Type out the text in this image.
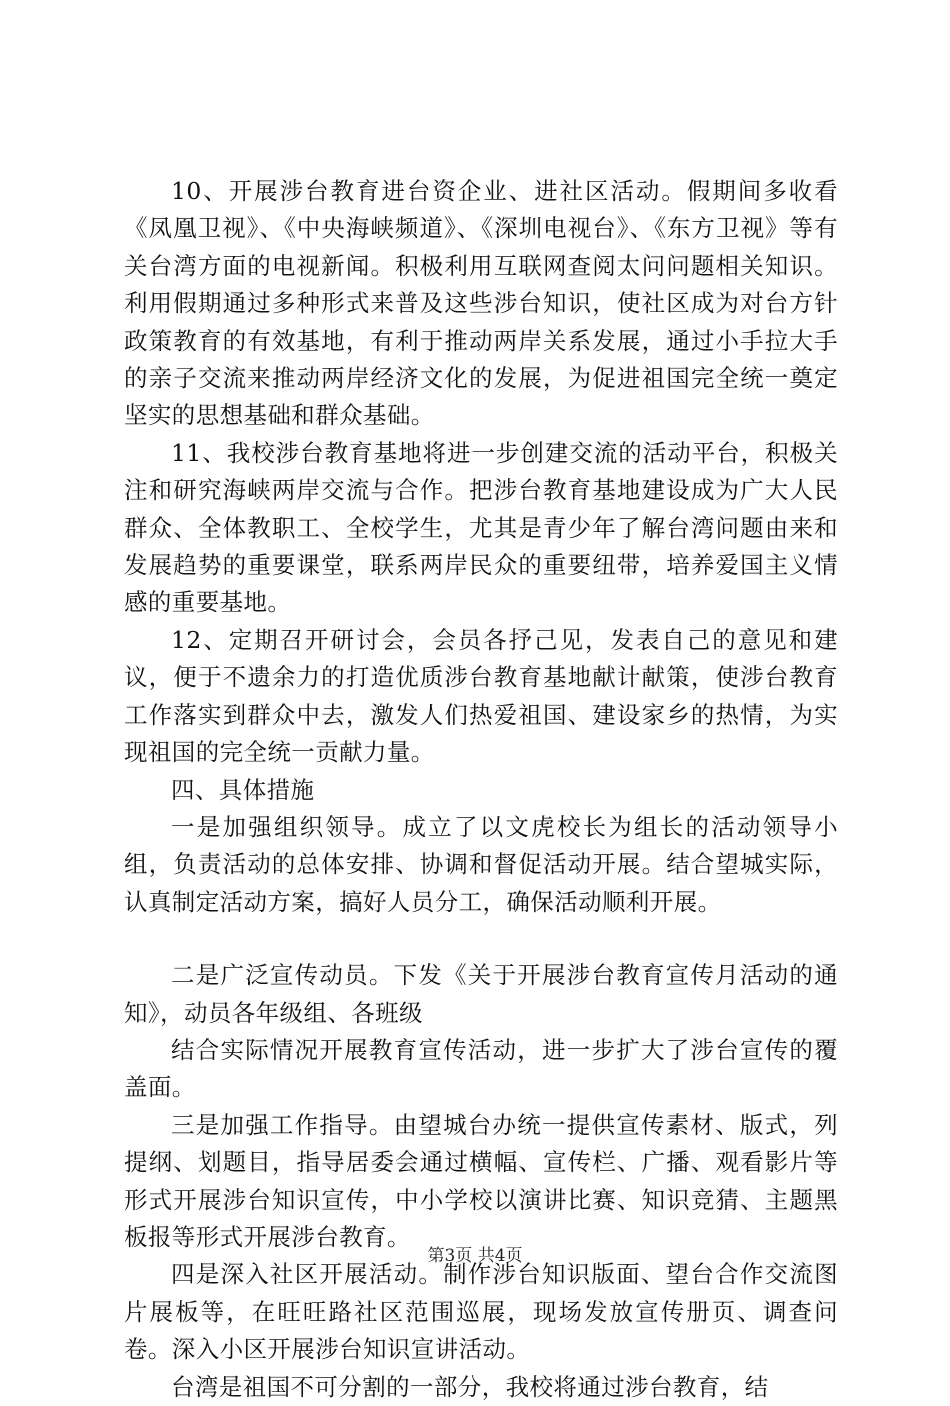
10、开展涉台教育进台资企业、进社区活动。假期间多收看《凤凰卫视》、《中央海峡频道》、《深圳电视台》、《东方卫视》等有关台湾方面的电视新闻。积极利用互联网查阅太问问题相关知识。利用假期通过多种形式来普及这些涉台知识，使社区成为对台方针政策教育的有效基地，有利于推动两岸关系发展，通过小手拉大手的亲子交流来推动两岸经济文化的发展，为促进祖国完全统一奠定坚实的思想基础和群众基础。

11、我校涉台教育基地将进一步创建交流的活动平台，积极关注和研究海峡两岸交流与合作。把涉台教育基地建设成为广大人民群众、全体教职工、全校学生，尤其是青少年了解台湾问题由来和发展趋势的重要课堂，联系两岸民众的重要纽带，培养爱国主义情感的重要基地。

12、定期召开研讨会，会员各抒己见，发表自己的意见和建议，便于不遗余力的打造优质涉台教育基地献计献策，使涉台教育工作落实到群众中去，激发人们热爱祖国、建设家乡的热情，为实现祖国的完全统一贡献力量。

四、具体措施

一是加强组织领导。成立了以文虎校长为组长的活动领导小组，负责活动的总体安排、协调和督促活动开展。结合望城实际，认真制定活动方案，搞好人员分工，确保活动顺利开展。

二是广泛宣传动员。下发《关于开展涉台教育宣传月活动的通知》，动员各年级组、各班级

结合实际情况开展教育宣传活动，进一步扩大了涉台宣传的覆盖面。

三是加强工作指导。由望城台办统一提供宣传素材、版式，列提纲、划题目，指导居委会通过横幅、宣传栏、广播、观看影片等形式开展涉台知识宣传，中小学校以演讲比赛、知识竞猜、主题黑板报等形式开展涉台教育。

四是深入社区开展活动。制作涉台知识版面、望台合作交流图片展板等，在旺旺路社区范围巡展，现场发放宣传册页、调查问卷。深入小区开展涉台知识宣讲活动。

台湾是祖国不可分割的一部分，我校将通过涉台教育，结

第3页 共4页
